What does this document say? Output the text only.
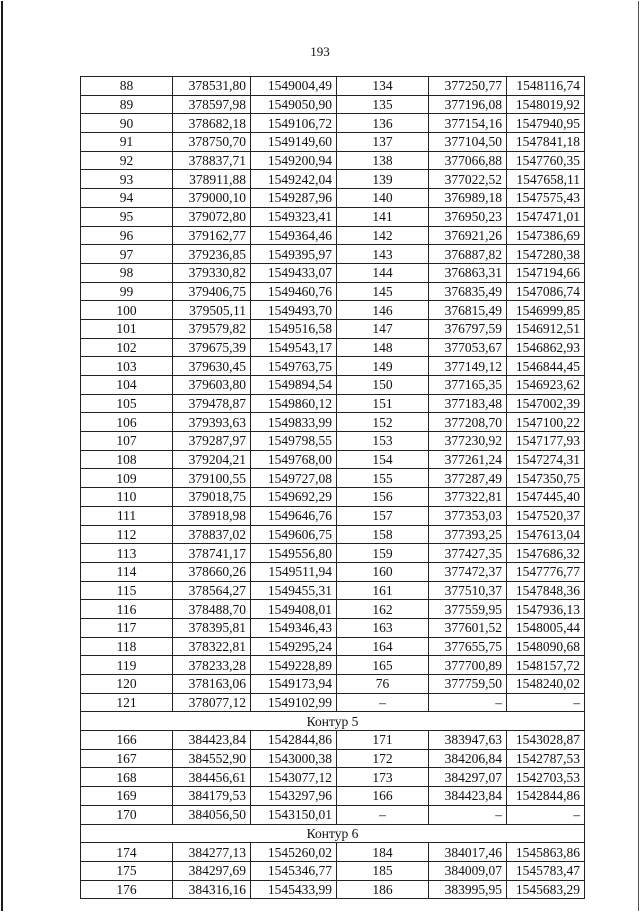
193
88	378531,80	1549004,49	134	377250,77	1548116,74
89	378597,98	1549050,90	135	377196,08	1548019,92
90	378682,18	1549106,72	136	377154,16	1547940,95
91	378750,70	1549149,60	137	377104,50	1547841,18
92	378837,71	1549200,94	138	377066,88	1547760,35
93	378911,88	1549242,04	139	377022,52	1547658,11
94	379000,10	1549287,96	140	376989,18	1547575,43
95	379072,80	1549323,41	141	376950,23	1547471,01
96	379162,77	1549364,46	142	376921,26	1547386,69
97	379236,85	1549395,97	143	376887,82	1547280,38
98	379330,82	1549433,07	144	376863,31	1547194,66
99	379406,75	1549460,76	145	376835,49	1547086,74
100	379505,11	1549493,70	146	376815,49	1546999,85
101	379579,82	1549516,58	147	376797,59	1546912,51
102	379675,39	1549543,17	148	377053,67	1546862,93
103	379630,45	1549763,75	149	377149,12	1546844,45
104	379603,80	1549894,54	150	377165,35	1546923,62
105	379478,87	1549860,12	151	377183,48	1547002,39
106	379393,63	1549833,99	152	377208,70	1547100,22
107	379287,97	1549798,55	153	377230,92	1547177,93
108	379204,21	1549768,00	154	377261,24	1547274,31
109	379100,55	1549727,08	155	377287,49	1547350,75
110	379018,75	1549692,29	156	377322,81	1547445,40
111	378918,98	1549646,76	157	377353,03	1547520,37
112	378837,02	1549606,75	158	377393,25	1547613,04
113	378741,17	1549556,80	159	377427,35	1547686,32
114	378660,26	1549511,94	160	377472,37	1547776,77
115	378564,27	1549455,31	161	377510,37	1547848,36
116	378488,70	1549408,01	162	377559,95	1547936,13
117	378395,81	1549346,43	163	377601,52	1548005,44
118	378322,81	1549295,24	164	377655,75	1548090,68
119	378233,28	1549228,89	165	377700,89	1548157,72
120	378163,06	1549173,94	76	377759,50	1548240,02
121	378077,12	1549102,99	–	–	–
Контур 5					
166	384423,84	1542844,86	171	383947,63	1543028,87
167	384552,90	1543000,38	172	384206,84	1542787,53
168	384456,61	1543077,12	173	384297,07	1542703,53
169	384179,53	1543297,96	166	384423,84	1542844,86
170	384056,50	1543150,01	–	–	–
Контур 6					
174	384277,13	1545260,02	184	384017,46	1545863,86
175	384297,69	1545346,77	185	384009,07	1545783,47
176	384316,16	1545433,99	186	383995,95	1545683,29
